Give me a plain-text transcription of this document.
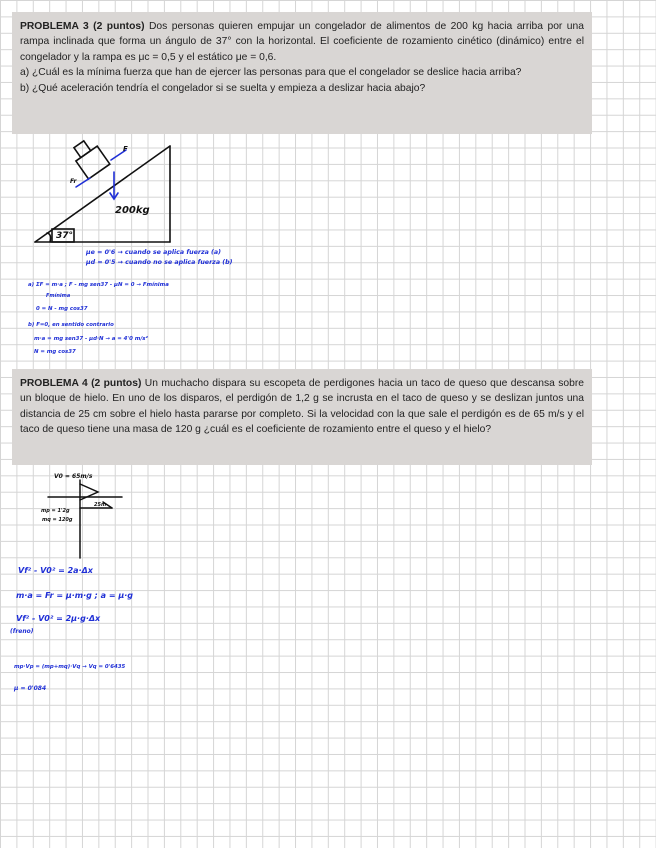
PROBLEMA 3 (2 puntos) Dos personas quieren empujar un congelador de alimentos de 200 kg hacia arriba por una rampa inclinada que forma un ángulo de 37° con la horizontal. El coeficiente de rozamiento cinético (dinámico) entre el congelador y la rampa es μc = 0,5 y el estático μe = 0,6.

a) ¿Cuál es la mínima fuerza que han de ejercer las personas para que el congelador se deslice hacia arriba?

b) ¿Qué aceleración tendría el congelador si se suelta y empieza a deslizar hacia abajo?

200kg
37°
F
Fr
μe = 0'6 → cuando se aplica fuerza (a)
μd = 0'5 → cuando no se aplica fuerza (b)
a) ΣF = m·a ; F - mg sen37 - μN = 0 → Fmínima
Fmínima
0 = N - mg cos37
b) F=0, en sentido contrario
m·a = mg sen37 - μd·N → a = 4'0 m/s²
N = mg cos37

PROBLEMA 4 (2 puntos) Un muchacho dispara su escopeta de perdigones hacia un taco de queso que descansa sobre un bloque de hielo. En uno de los disparos, el perdigón de 1,2 g se incrusta en el taco de queso y se deslizan juntos una distancia de 25 cm sobre el hielo hasta pararse por completo. Si la velocidad con la que sale el perdigón es de 65 m/s y el taco de queso tiene una masa de 120 g ¿cuál es el coeficiente de rozamiento entre el queso y el hielo?

V0 = 65m/s
mp = 1'2g
mq = 120g
25m
Vf² - V0² = 2a·Δx
m·a = Fr = μ·m·g ; a = μ·g
Vf² - V0² = 2μ·g·Δx
(freno)
mp·Vp = (mp+mq)·Vq → Vq = 0'6435
μ = 0'084
